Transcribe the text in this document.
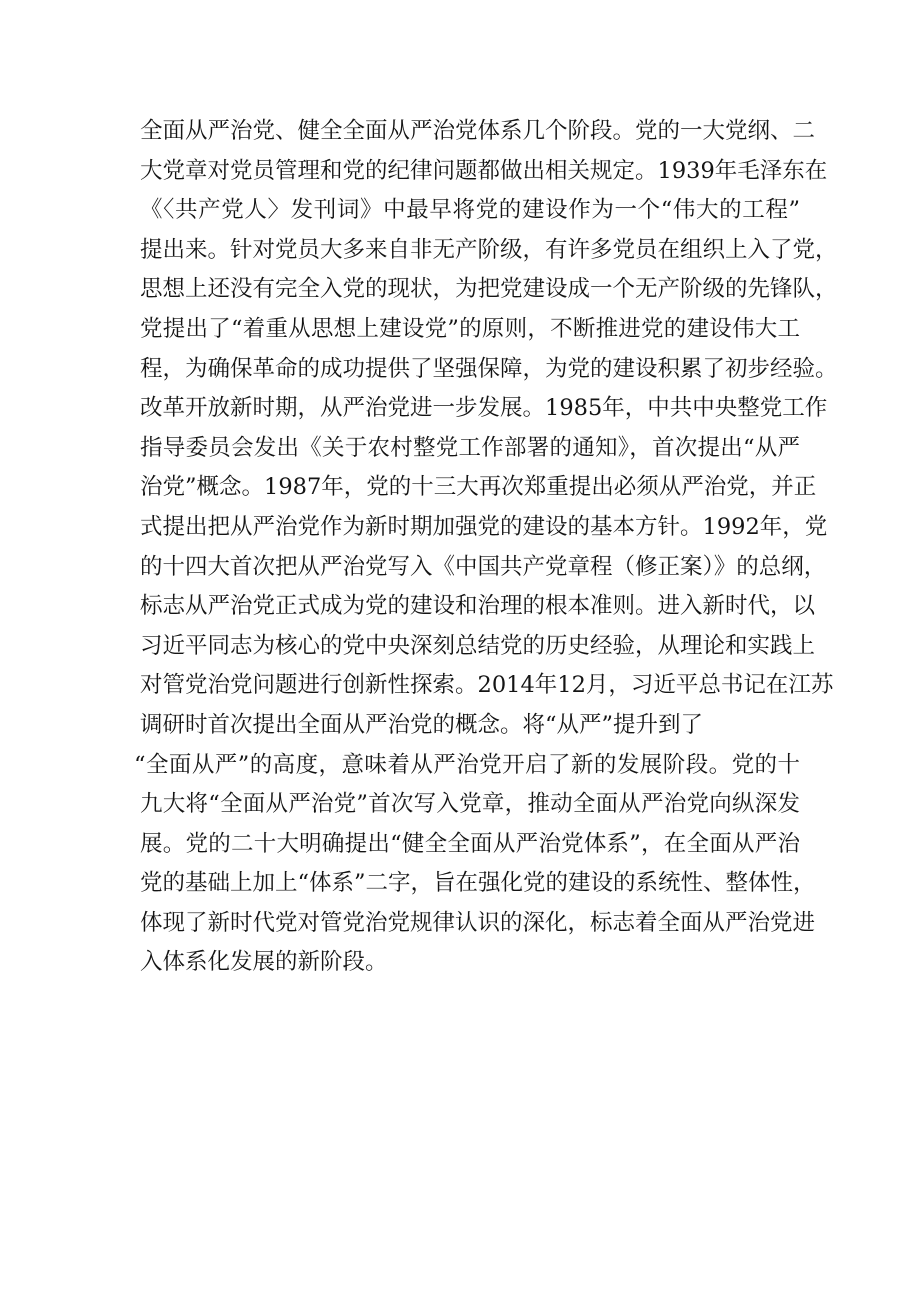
全面从严治党、健全全面从严治党体系几个阶段。党的一大党纲、二
大党章对党员管理和党的纪律问题都做出相关规定。1939年毛泽东在
《〈共产党人〉发刊词》中最早将党的建设作为一个“伟大的工程”
提出来。针对党员大多来自非无产阶级，有许多党员在组织上入了党，
思想上还没有完全入党的现状，为把党建设成一个无产阶级的先锋队，
党提出了“着重从思想上建设党”的原则，不断推进党的建设伟大工
程，为确保革命的成功提供了坚强保障，为党的建设积累了初步经验。
改革开放新时期，从严治党进一步发展。1985年，中共中央整党工作
指导委员会发出《关于农村整党工作部署的通知》，首次提出“从严
治党”概念。1987年，党的十三大再次郑重提出必须从严治党，并正
式提出把从严治党作为新时期加强党的建设的基本方针。1992年，党
的十四大首次把从严治党写入《中国共产党章程（修正案）》的总纲，
标志从严治党正式成为党的建设和治理的根本准则。进入新时代，以
习近平同志为核心的党中央深刻总结党的历史经验，从理论和实践上
对管党治党问题进行创新性探索。2014年12月，习近平总书记在江苏
调研时首次提出全面从严治党的概念。将“从严”提升到了
“全面从严”的高度，意味着从严治党开启了新的发展阶段。党的十
九大将“全面从严治党”首次写入党章，推动全面从严治党向纵深发
展。党的二十大明确提出“健全全面从严治党体系”，在全面从严治
党的基础上加上“体系”二字，旨在强化党的建设的系统性、整体性，
体现了新时代党对管党治党规律认识的深化，标志着全面从严治党进
入体系化发展的新阶段。
